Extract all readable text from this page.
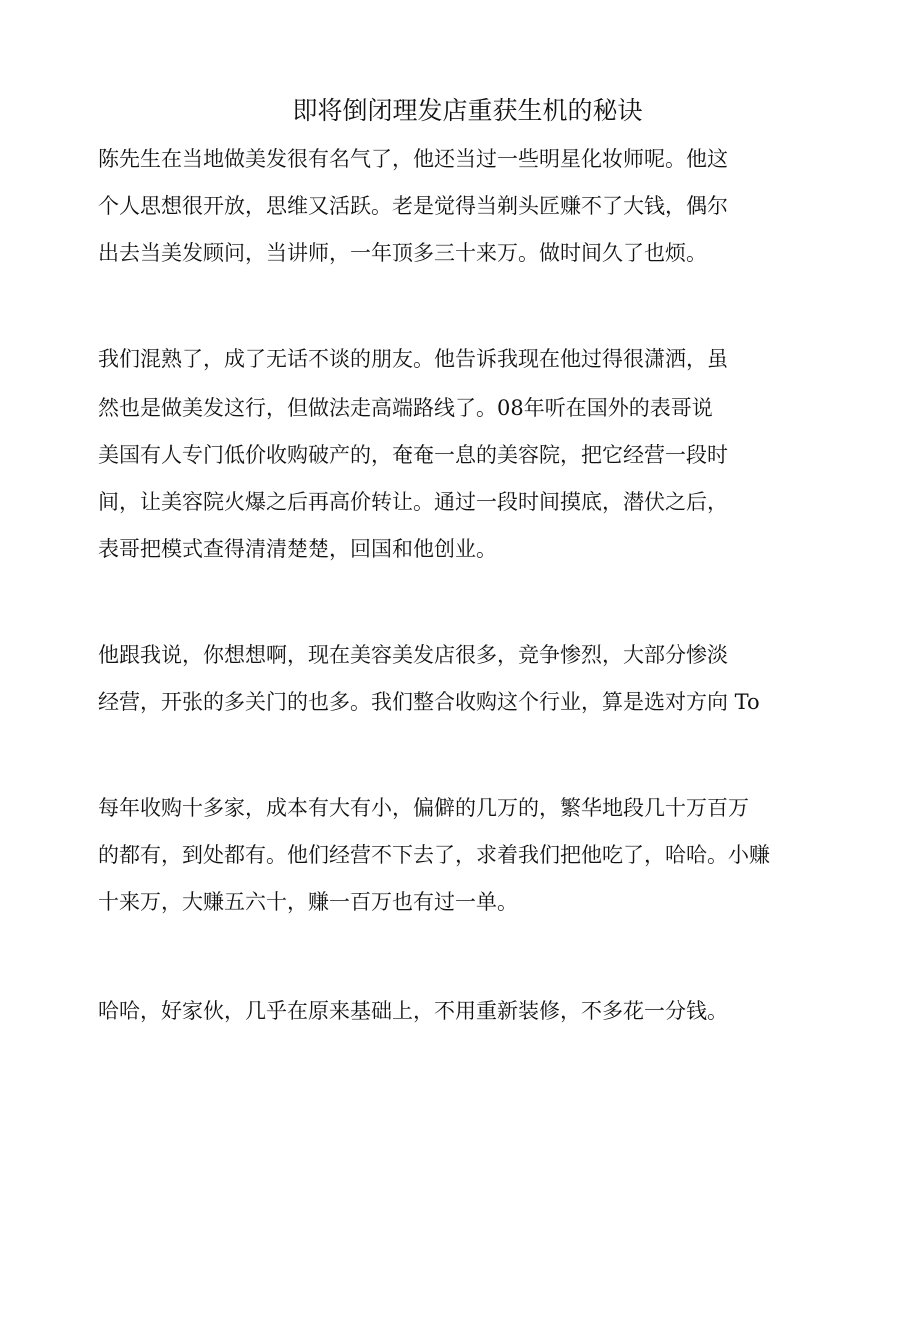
即将倒闭理发店重获生机的秘诀

陈先生在当地做美发很有名气了，他还当过一些明星化妆师呢。他这

个人思想很开放，思维又活跃。老是觉得当剃头匠赚不了大钱，偶尔

出去当美发顾问，当讲师，一年顶多三十来万。做时间久了也烦。

我们混熟了，成了无话不谈的朋友。他告诉我现在他过得很潇洒，虽

然也是做美发这行，但做法走高端路线了。08年听在国外的表哥说

美国有人专门低价收购破产的，奄奄一息的美容院，把它经营一段时

间，让美容院火爆之后再高价转让。通过一段时间摸底，潜伏之后，

表哥把模式查得清清楚楚，回国和他创业。

他跟我说，你想想啊，现在美容美发店很多，竞争惨烈，大部分惨淡

经营，开张的多关门的也多。我们整合收购这个行业，算是选对方向 To

每年收购十多家，成本有大有小，偏僻的几万的，繁华地段几十万百万

的都有，到处都有。他们经营不下去了，求着我们把他吃了，哈哈。小赚

十来万，大赚五六十，赚一百万也有过一单。

哈哈，好家伙，几乎在原来基础上，不用重新装修，不多花一分钱。
